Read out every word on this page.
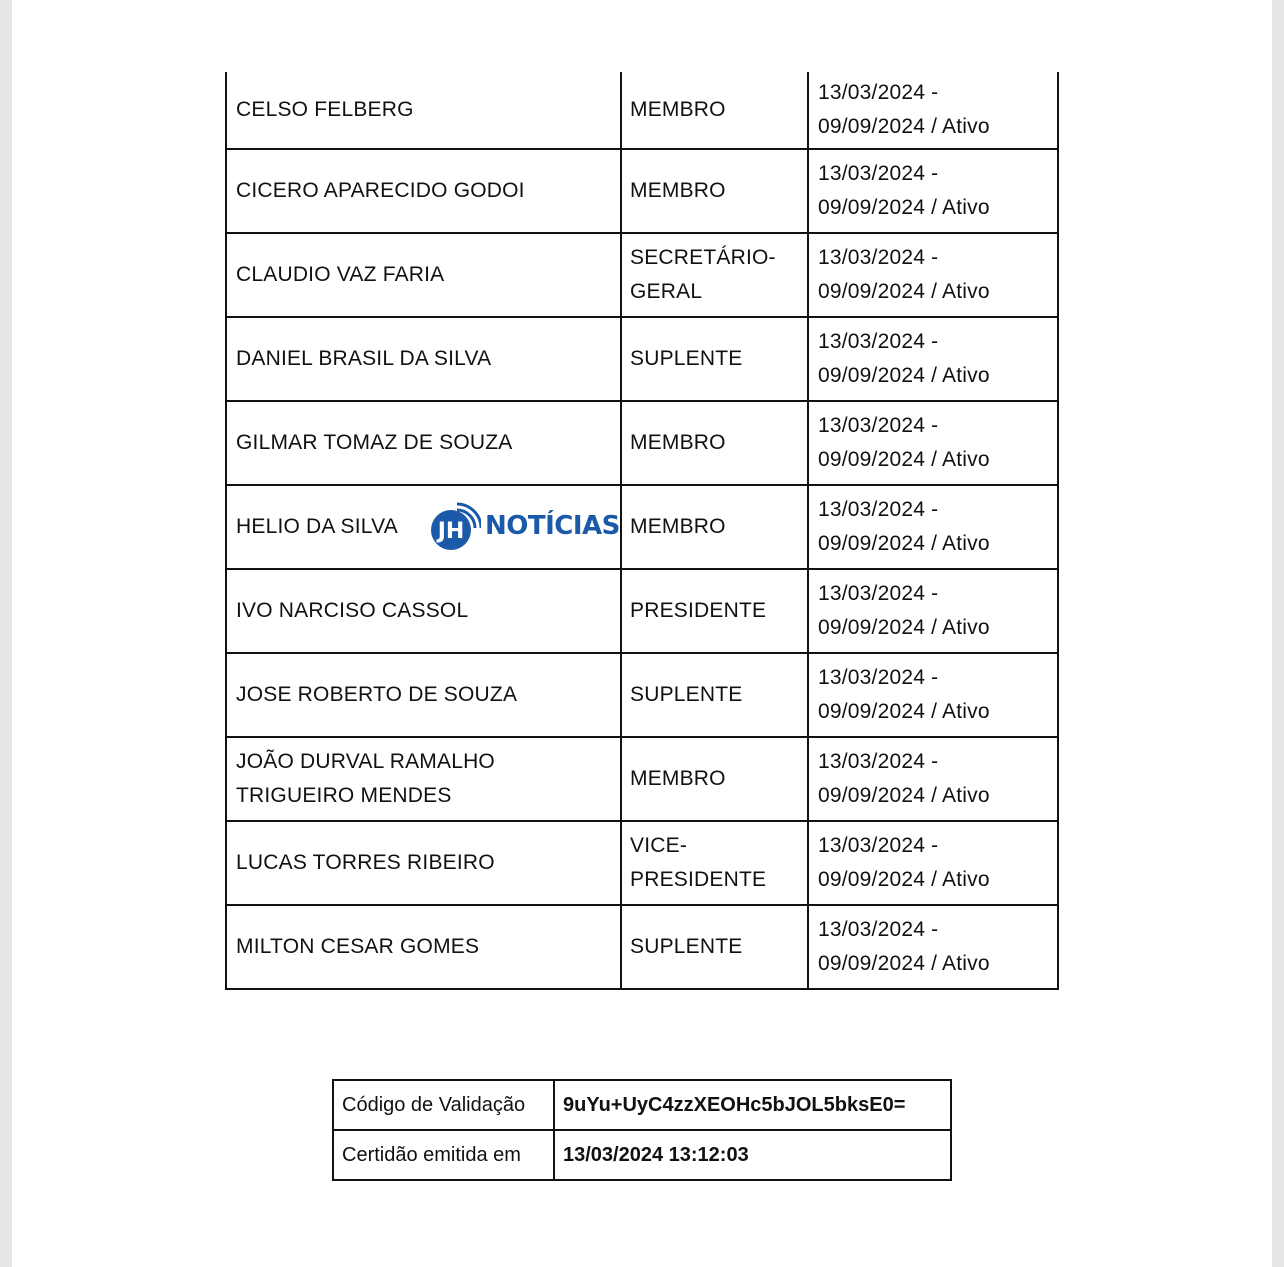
CELSO FELBERG	MEMBRO	13/03/2024 -
09/09/2024 / Ativo

CICERO APARECIDO GODOI	MEMBRO	13/03/2024 -
09/09/2024 / Ativo

CLAUDIO VAZ FARIA	SECRETÁRIO-GERAL	13/03/2024 -
09/09/2024 / Ativo

DANIEL BRASIL DA SILVA	SUPLENTE	13/03/2024 -
09/09/2024 / Ativo

GILMAR TOMAZ DE SOUZA	MEMBRO	13/03/2024 -
09/09/2024 / Ativo

HELIO DA SILVA	MEMBRO	13/03/2024 -
09/09/2024 / Ativo

IVO NARCISO CASSOL	PRESIDENTE	13/03/2024 -
09/09/2024 / Ativo

JOSE ROBERTO DE SOUZA	SUPLENTE	13/03/2024 -
09/09/2024 / Ativo

JOÃO DURVAL RAMALHO TRIGUEIRO MENDES	MEMBRO	13/03/2024 -
09/09/2024 / Ativo

LUCAS TORRES RIBEIRO	VICE-PRESIDENTE	13/03/2024 -
09/09/2024 / Ativo

MILTON CESAR GOMES	SUPLENTE	13/03/2024 -
09/09/2024 / Ativo
JH NOTÍCIAS
Código de Validação	9uYu+UyC4zzXEOHc5bJOL5bksE0=
Certidão emitida em	13/03/2024 13:12:03
